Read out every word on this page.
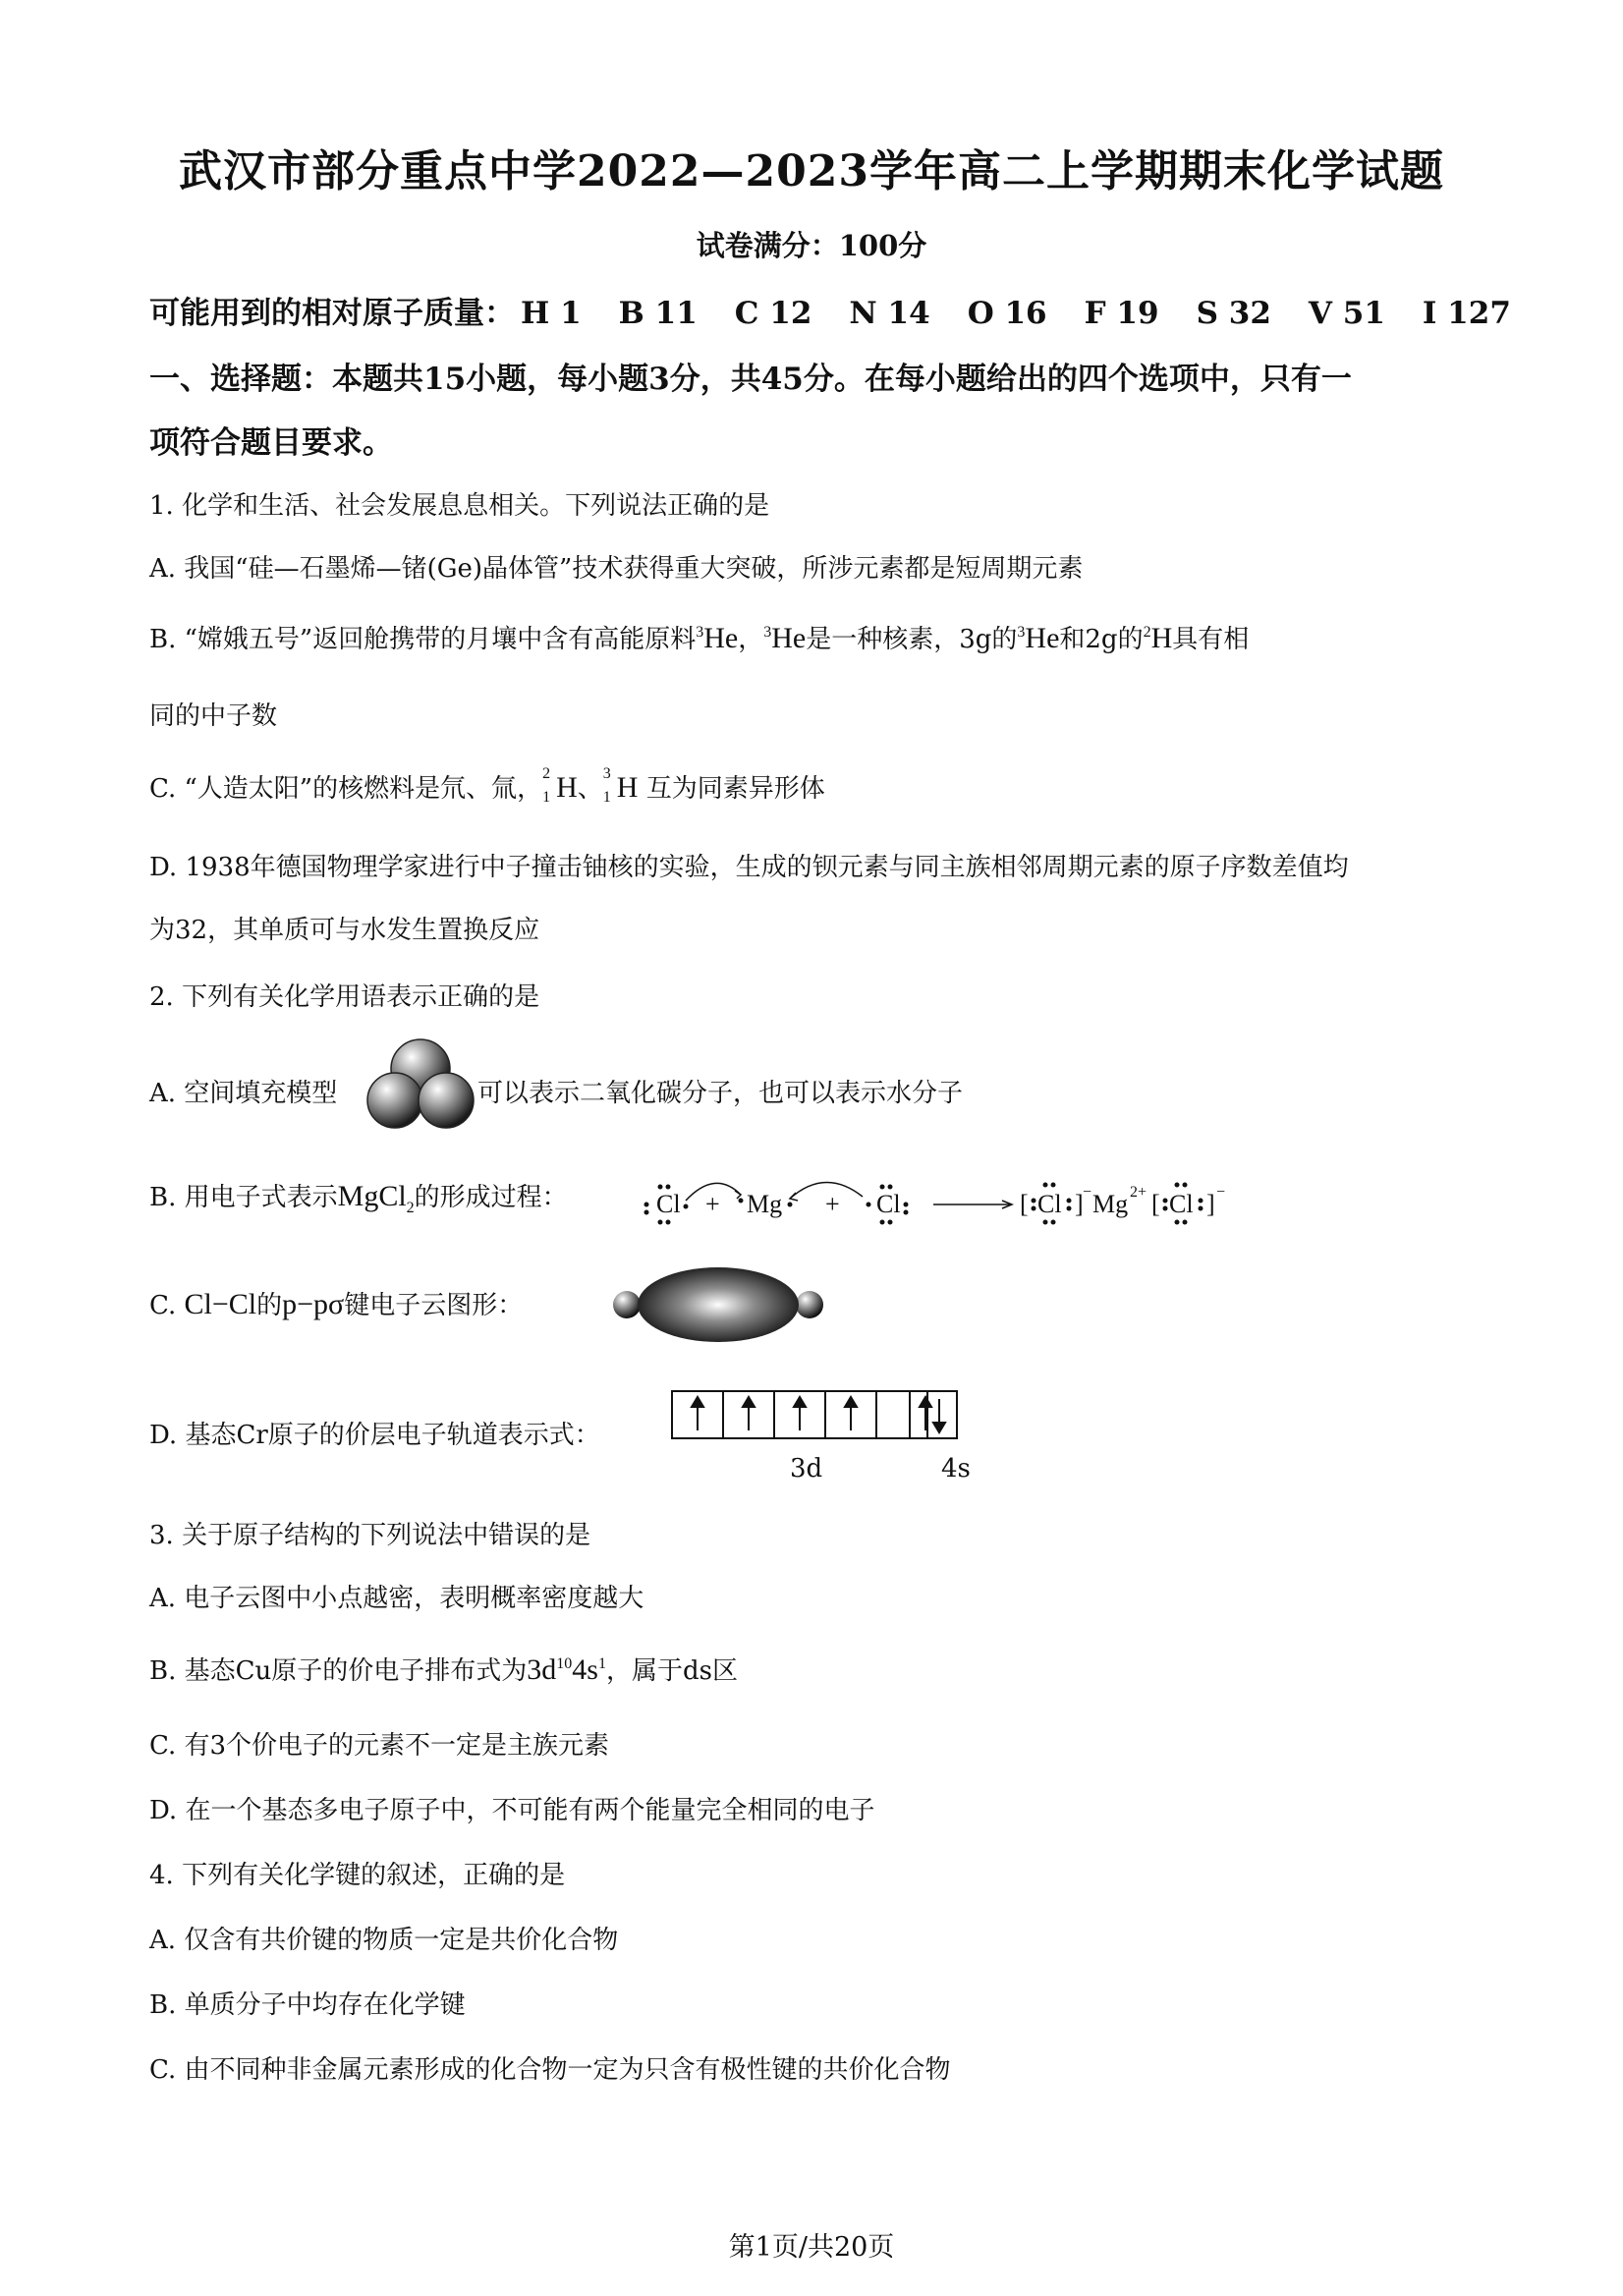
武汉市部分重点中学2022—2023学年高二上学期期末化学试题
试卷满分：100分
可能用到的相对原子质量： H 1 B 11 C 12 N 14 O 16 F 19 S 32 V 51 I 127
一、选择题：本题共15小题，每小题3分，共45分。在每小题给出的四个选项中，只有一
项符合题目要求。
1. 化学和生活、社会发展息息相关。下列说法正确的是
A. 我国“硅—石墨烯—锗(Ge)晶体管”技术获得重大突破，所涉元素都是短周期元素
B. “嫦娥五号”返回舱携带的月壤中含有高能原料$^3$He，$^3$He是一种核素，3g的$^3$He和2g的$^2$H具有相
同的中子数
C. “人造太阳”的核燃料是氘、氚，
2
1 H、
3
1 H 互为同素异形体
D. 1938年德国物理学家进行中子撞击铀核的实验，生成的钡元素与同主族相邻周期元素的原子序数差值均
为32，其单质可与水发生置换反应
2. 下列有关化学用语表示正确的是
A. 空间填充模型	可以表示二氧化碳分子，也可以表示水分子
B. 用电子式表示MgCl$_2$的形成过程：	Cl + Mg + Cl	[ Cl ] − Mg 2+ [ Cl ] −
C. Cl−Cl的p−pσ键电子云图形：
D. 基态Cr原子的价层电子轨道表示式：
3d	4s
3. 关于原子结构的下列说法中错误的是
A. 电子云图中小点越密，表明概率密度越大
B. 基态Cu原子的价电子排布式为$3d^{10}4s^1$，属于ds区
C. 有3个价电子的元素不一定是主族元素
D. 在一个基态多电子原子中，不可能有两个能量完全相同的电子
4. 下列有关化学键的叙述，正确的是
A. 仅含有共价键的物质一定是共价化合物
B. 单质分子中均存在化学键
C. 由不同种非金属元素形成的化合物一定为只含有极性键的共价化合物
第1页/共20页
